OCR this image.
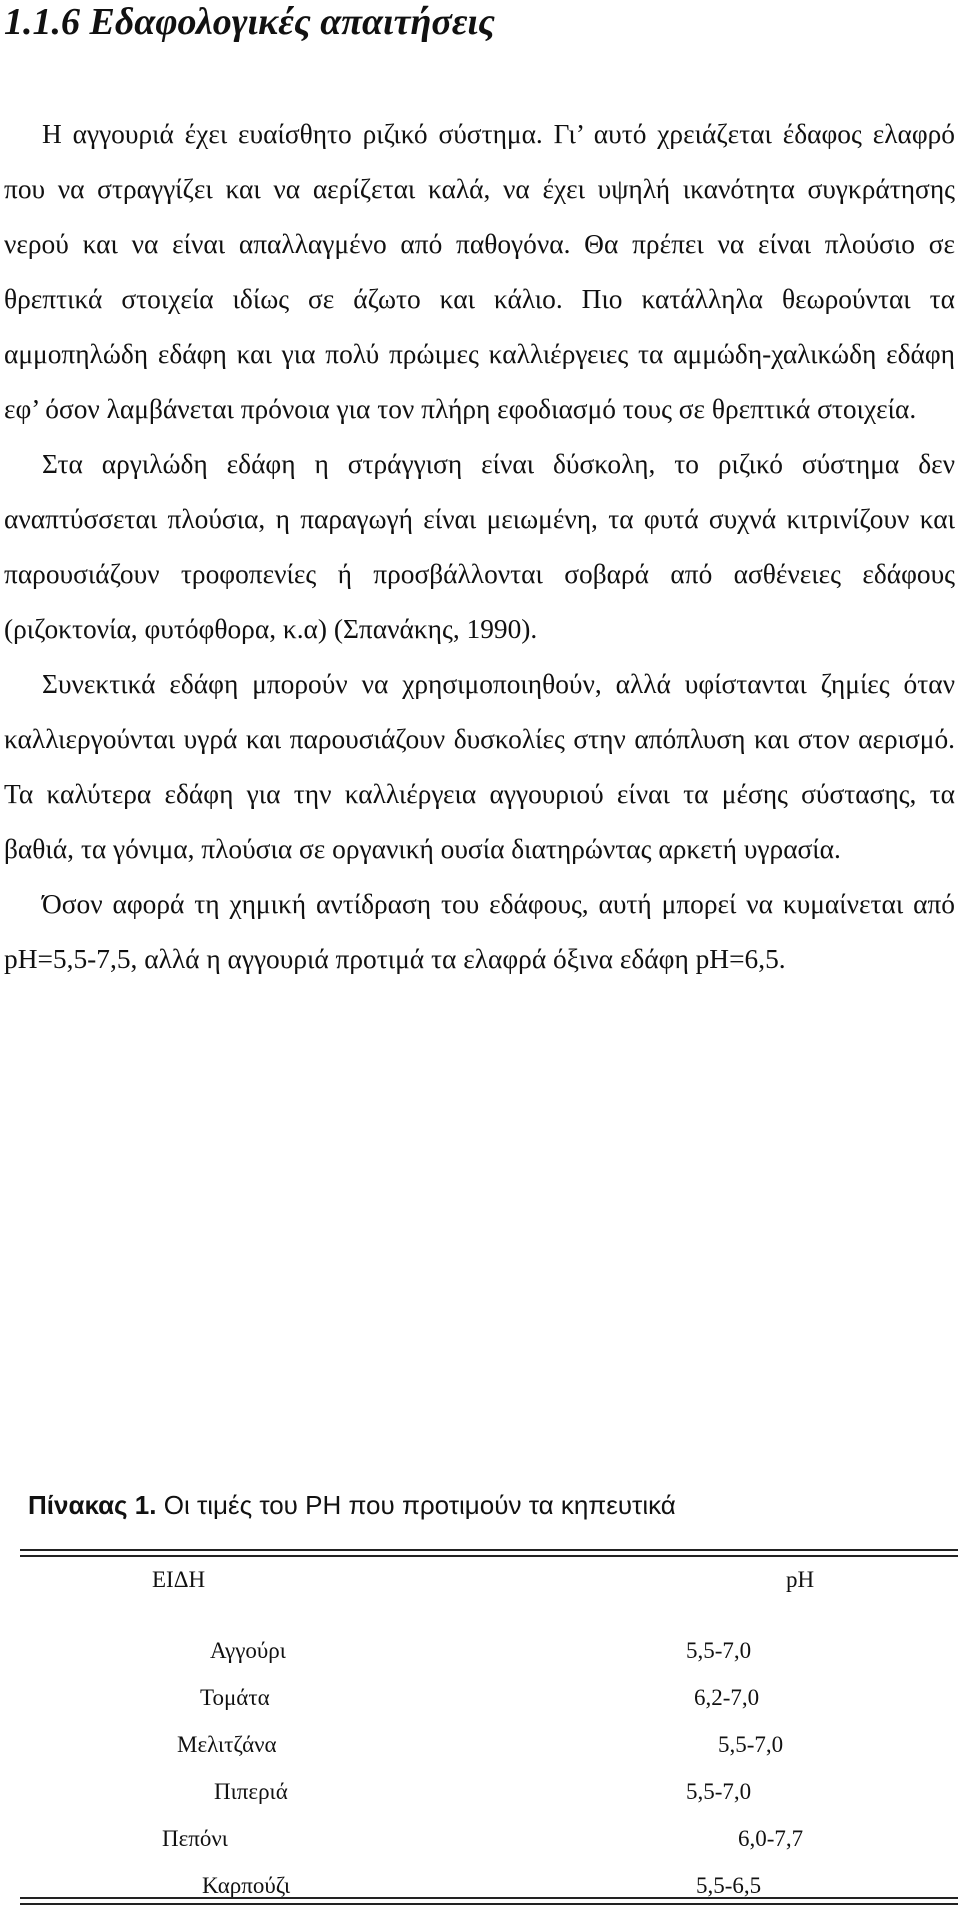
1.1.6 Εδαφολογικές απαιτήσεις

Η αγγουριά έχει ευαίσθητο ριζικό σύστημα. Γι’ αυτό χρειάζεται έδαφος ελαφρό που να στραγγίζει και να αερίζεται καλά, να έχει υψηλή ικανότητα συγκράτησης νερού και να είναι απαλλαγμένο από παθογόνα. Θα πρέπει να είναι πλούσιο σε θρεπτικά στοιχεία ιδίως σε άζωτο και κάλιο. Πιο κατάλληλα θεωρούνται τα αμμοπηλώδη εδάφη και για πολύ πρώιμες καλλιέργειες τα αμμώδη-χαλικώδη εδάφη εφ’ όσον λαμβάνεται πρόνοια για τον πλήρη εφοδιασμό τους σε θρεπτικά στοιχεία.

Στα αργιλώδη εδάφη η στράγγιση είναι δύσκολη, το ριζικό σύστημα δεν αναπτύσσεται πλούσια, η παραγωγή είναι μειωμένη, τα φυτά συχνά κιτρινίζουν και παρουσιάζουν τροφοπενίες ή προσβάλλονται σοβαρά από ασθένειες εδάφους (ριζοκτονία, φυτόφθορα, κ.α) (Σπανάκης, 1990).

Συνεκτικά εδάφη μπορούν να χρησιμοποιηθούν, αλλά υφίστανται ζημίες όταν καλλιεργούνται υγρά και παρουσιάζουν δυσκολίες στην απόπλυση και στον αερισμό. Τα καλύτερα εδάφη για την καλλιέργεια αγγουριού είναι τα μέσης σύστασης, τα βαθιά, τα γόνιμα, πλούσια σε οργανική ουσία διατηρώντας αρκετή υγρασία.

Όσον αφορά τη χημική αντίδραση του εδάφους, αυτή μπορεί να κυμαίνεται από pH=5,5-7,5, αλλά η αγγουριά προτιμά τα ελαφρά όξινα εδάφη pH=6,5.

Πίνακας 1. Οι τιμές του PH που προτιμούν τα κηπευτικά
ΕΙΔΗ	pH
Αγγούρι	5,5-7,0
Τομάτα	6,2-7,0
Μελιτζάνα	5,5-7,0
Πιπεριά	5,5-7,0
Πεπόνι	6,0-7,7
Καρπούζι	5,5-6,5
